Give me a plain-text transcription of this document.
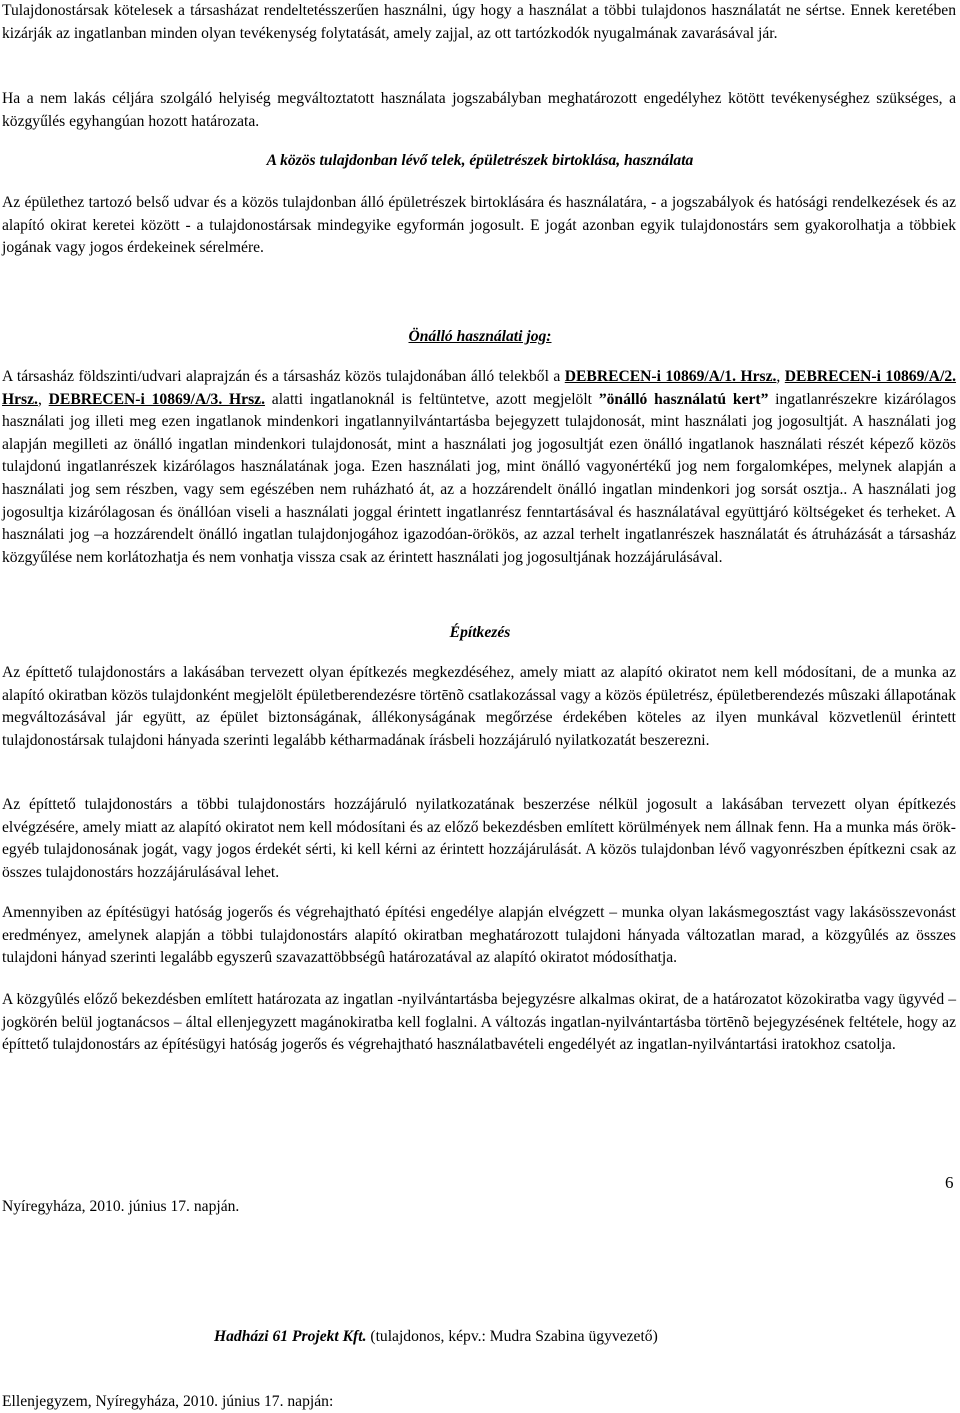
Tulajdonostársak kötelesek a társasházat rendeltetésszerűen használni, úgy hogy a használat a többi tulajdonos használatát ne sértse. Ennek keretében kizárják az ingatlanban minden olyan tevékenység folytatását, amely zajjal, az ott tartózkodók nyugalmának zavarásával jár.

Ha a nem lakás céljára szolgáló helyiség megváltoztatott használata jogszabályban meghatározott engedélyhez kötött tevékenységhez szükséges, a közgyűlés egyhangúan hozott határozata.

A közös tulajdonban lévő telek, épületrészek birtoklása, használata

Az épülethez tartozó belső udvar és a közös tulajdonban álló épületrészek birtoklására és használatára, - a jogszabályok és hatósági rendelkezések és az alapító okirat keretei között - a tulajdonostársak mindegyike egyformán jogosult. E jogát azonban egyik tulajdonostárs sem gyakorolhatja a többiek jogának vagy jogos érdekeinek sérelmére.

Önálló használati jog:

A társasház földszinti/udvari alaprajzán és a társasház közös tulajdonában álló telekből a DEBRECEN-i 10869/A/1. Hrsz., DEBRECEN-i 10869/A/2. Hrsz., DEBRECEN-i 10869/A/3. Hrsz. alatti ingatlanoknál is feltüntetve, azott megjelölt ”önálló használatú kert” ingatlanrészekre kizárólagos használati jog illeti meg ezen ingatlanok mindenkori ingatlannyilvántartásba bejegyzett tulajdonosát, mint használati jog jogosultját. A használati jog alapján megilleti az önálló ingatlan mindenkori tulajdonosát, mint a használati jog jogosultját ezen önálló ingatlanok használati részét képező közös tulajdonú ingatlanrészek kizárólagos használatának joga. Ezen használati jog, mint önálló vagyonértékű jog nem forgalomképes, melynek alapján a használati jog sem részben, vagy sem egészében nem ruházható át, az a hozzárendelt önálló ingatlan mindenkori jog sorsát osztja.. A használati jog jogosultja kizárólagosan és önállóan viseli a használati joggal érintett ingatlanrész fenntartásával és használatával együttjáró költségeket és terheket. A használati jog –a hozzárendelt önálló ingatlan tulajdonjogához igazodóan-örökös, az azzal terhelt ingatlanrészek használatát és átruházását a társasház közgyűlése nem korlátozhatja és nem vonhatja vissza csak az érintett használati jog jogosultjának hozzájárulásával.

Építkezés

Az építtető tulajdonostárs a lakásában tervezett olyan építkezés megkezdéséhez, amely miatt az alapító okiratot nem kell módosítani, de a munka az alapító okiratban közös tulajdonként megjelölt épületberendezésre törtēnõ csatlakozással vagy a közös épületrész, épületberendezés mûszaki állapotának megváltozásával jár együtt, az épület biztonságának, állékonyságának megőrzése érdekében köteles az ilyen munkával közvetlenül érintett tulajdonostársak tulajdoni hányada szerinti legalább kétharmadának írásbeli hozzájáruló nyilatkozatát beszerezni.

Az építtető tulajdonostárs a többi tulajdonostárs hozzájáruló nyilatkozatának beszerzése nélkül jogosult a lakásában tervezett olyan építkezés elvégzésére, amely miatt az alapító okiratot nem kell módosítani és az előző bekezdésben említett körülmények nem állnak fenn. Ha a munka más örök-egyéb tulajdonosának jogát, vagy jogos érdekét sérti, ki kell kérni az érintett hozzájárulását. A közös tulajdonban lévő vagyonrészben építkezni csak az összes tulajdonostárs hozzájárulásával lehet.

Amennyiben az építésügyi hatóság jogerős és végrehajtható építési engedélye alapján elvégzett – munka olyan lakásmegosztást vagy lakásösszevonást eredményez, amelynek alapján a többi tulajdonostárs alapító okiratban meghatározott tulajdoni hányada változatlan marad, a közgyûlés az összes tulajdoni hányad szerinti legalább egyszerû szavazattöbbségû határozatával az alapító okiratot módosíthatja.

A közgyûlés előző bekezdésben említett határozata az ingatlan -nyilvántartásba bejegyzésre alkalmas okirat, de a határozatot közokiratba vagy ügyvéd – jogkörén belül jogtanácsos – által ellenjegyzett magánokiratba kell foglalni. A változás ingatlan-nyilvántartásba törtēnõ bejegyzésének feltétele, hogy az építtető tulajdonostárs az építésügyi hatóság jogerős és végrehajtható használatbavételi engedélyét az ingatlan-nyilvántartási iratokhoz csatolja.

6
Nyíregyháza, 2010. június 17. napján.
Hadházi 61 Projekt Kft. (tulajdonos, képv.: Mudra Szabina ügyvezető)
Ellenjegyzem, Nyíregyháza, 2010. június 17. napján:
